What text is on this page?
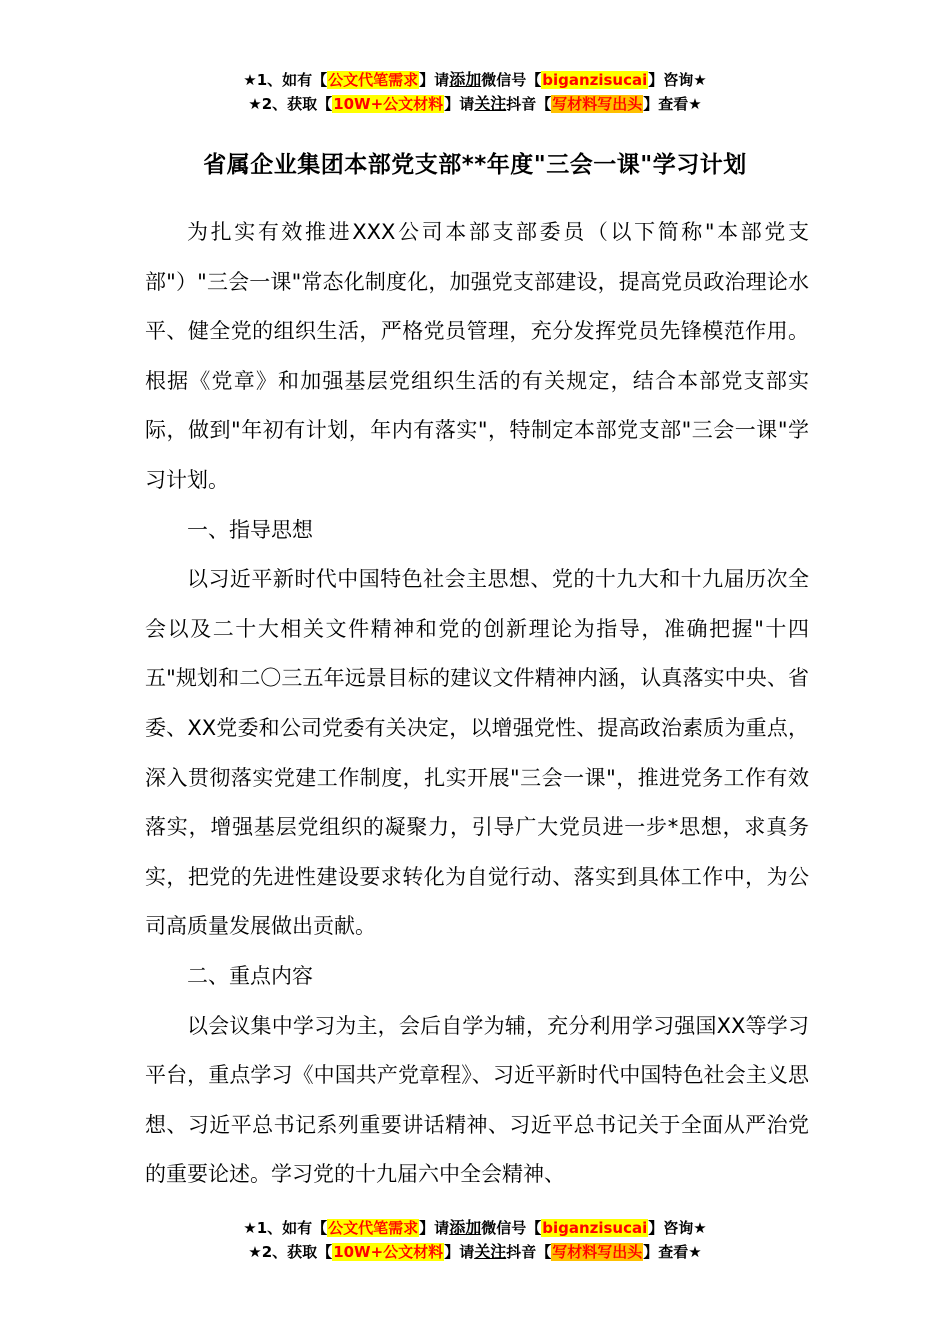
★1、如有【公文代笔需求】请添加微信号【biganzisucai】咨询★
★2、获取【10W+公文材料】请关注抖音【写材料写出头】查看★
省属企业集团本部党支部**年度"三会一课"学习计划

为扎实有效推进XXX公司本部支部委员（以下简称"本部党支部"）"三会一课"常态化制度化，加强党支部建设，提高党员政治理论水平、健全党的组织生活，严格党员管理，充分发挥党员先锋模范作用。根据《党章》和加强基层党组织生活的有关规定，结合本部党支部实际，做到"年初有计划，年内有落实"，特制定本部党支部"三会一课"学习计划。

一、指导思想

以习近平新时代中国特色社会主思想、党的十九大和十九届历次全会以及二十大相关文件精神和党的创新理论为指导，准确把握"十四五"规划和二〇三五年远景目标的建议文件精神内涵，认真落实中央、省委、XX党委和公司党委有关决定，以增强党性、提高政治素质为重点，深入贯彻落实党建工作制度，扎实开展"三会一课"，推进党务工作有效落实，增强基层党组织的凝聚力，引导广大党员进一步*思想，求真务实，把党的先进性建设要求转化为自觉行动、落实到具体工作中，为公司高质量发展做出贡献。

二、重点内容

以会议集中学习为主，会后自学为辅，充分利用学习强国XX等学习平台，重点学习《中国共产党章程》、习近平新时代中国特色社会主义思想、习近平总书记系列重要讲话精神、习近平总书记关于全面从严治党的重要论述。学习党的十九届六中全会精神、

★1、如有【公文代笔需求】请添加微信号【biganzisucai】咨询★
★2、获取【10W+公文材料】请关注抖音【写材料写出头】查看★
